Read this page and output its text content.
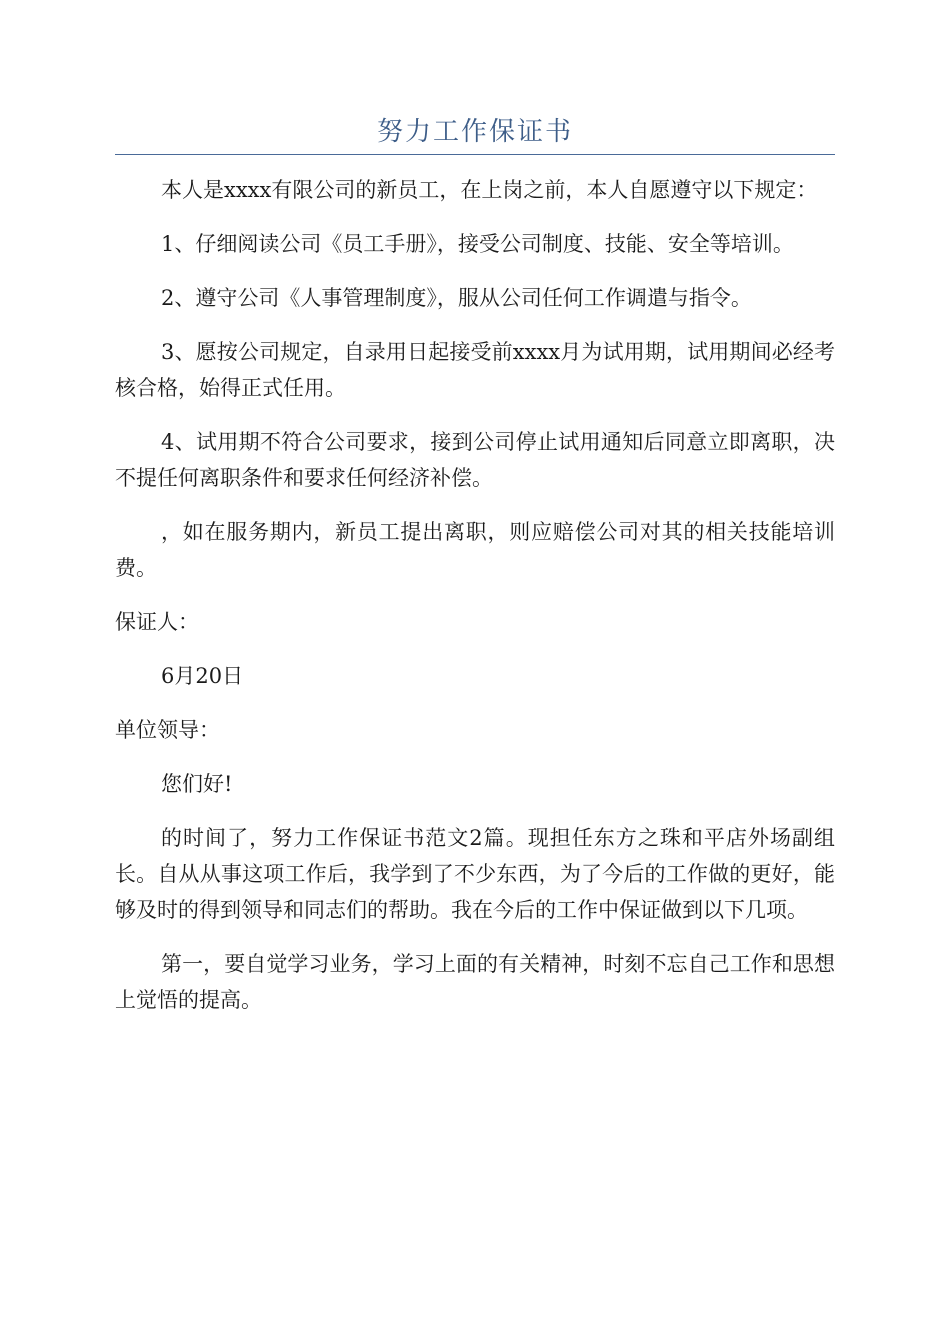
努力工作保证书

本人是xxxx有限公司的新员工，在上岗之前，本人自愿遵守以下规定：

1、仔细阅读公司《员工手册》，接受公司制度、技能、安全等培训。

2、遵守公司《人事管理制度》，服从公司任何工作调遣与指令。

3、愿按公司规定，自录用日起接受前xxxx月为试用期，试用期间必经考核合格，始得正式任用。

4、试用期不符合公司要求，接到公司停止试用通知后同意立即离职，决不提任何离职条件和要求任何经济补偿。

，如在服务期内，新员工提出离职，则应赔偿公司对其的相关技能培训费。

保证人：

6月20日

单位领导：

您们好!

的时间了，努力工作保证书范文2篇。现担任东方之珠和平店外场副组长。自从从事这项工作后，我学到了不少东西，为了今后的工作做的更好，能够及时的得到领导和同志们的帮助。我在今后的工作中保证做到以下几项。

第一，要自觉学习业务，学习上面的有关精神，时刻不忘自己工作和思想上觉悟的提高。
